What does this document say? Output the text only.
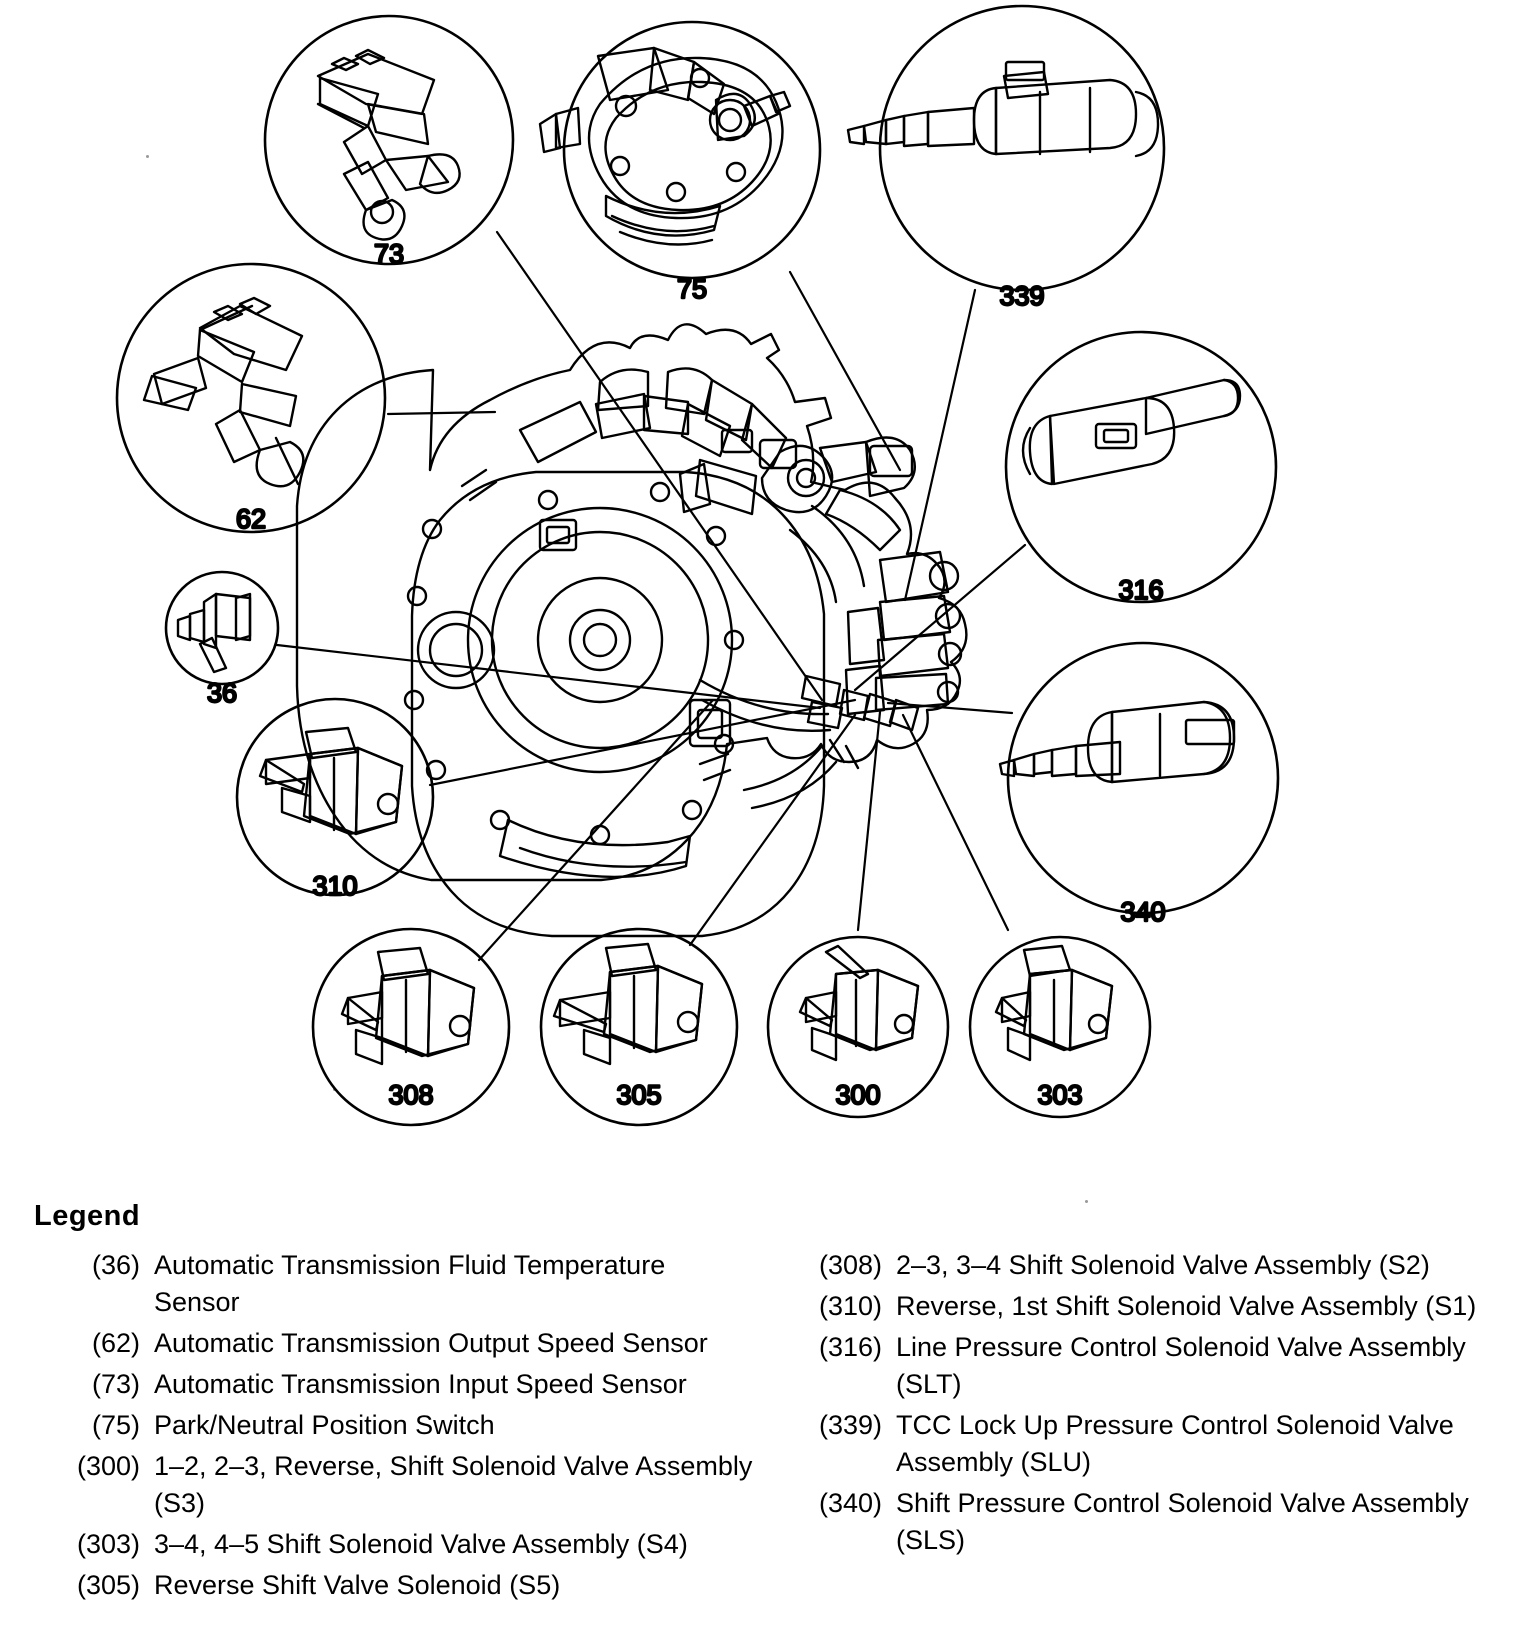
73
75	339
62
316
36
340
310
308	305	300	303
Legend
(36) Automatic Transmission Fluid Temperature Sensor
(62) Automatic Transmission Output Speed Sensor
(73) Automatic Transmission Input Speed Sensor
(75) Park/Neutral Position Switch
(300) 1–2, 2–3, Reverse, Shift Solenoid Valve Assembly (S3)
(303) 3–4, 4–5 Shift Solenoid Valve Assembly (S4)
(305) Reverse Shift Valve Solenoid (S5)
(308) 2–3, 3–4 Shift Solenoid Valve Assembly (S2)
(310) Reverse, 1st Shift Solenoid Valve Assembly (S1)
(316) Line Pressure Control Solenoid Valve Assembly (SLT)
(339) TCC Lock Up Pressure Control Solenoid Valve Assembly (SLU)
(340) Shift Pressure Control Solenoid Valve Assembly (SLS)
